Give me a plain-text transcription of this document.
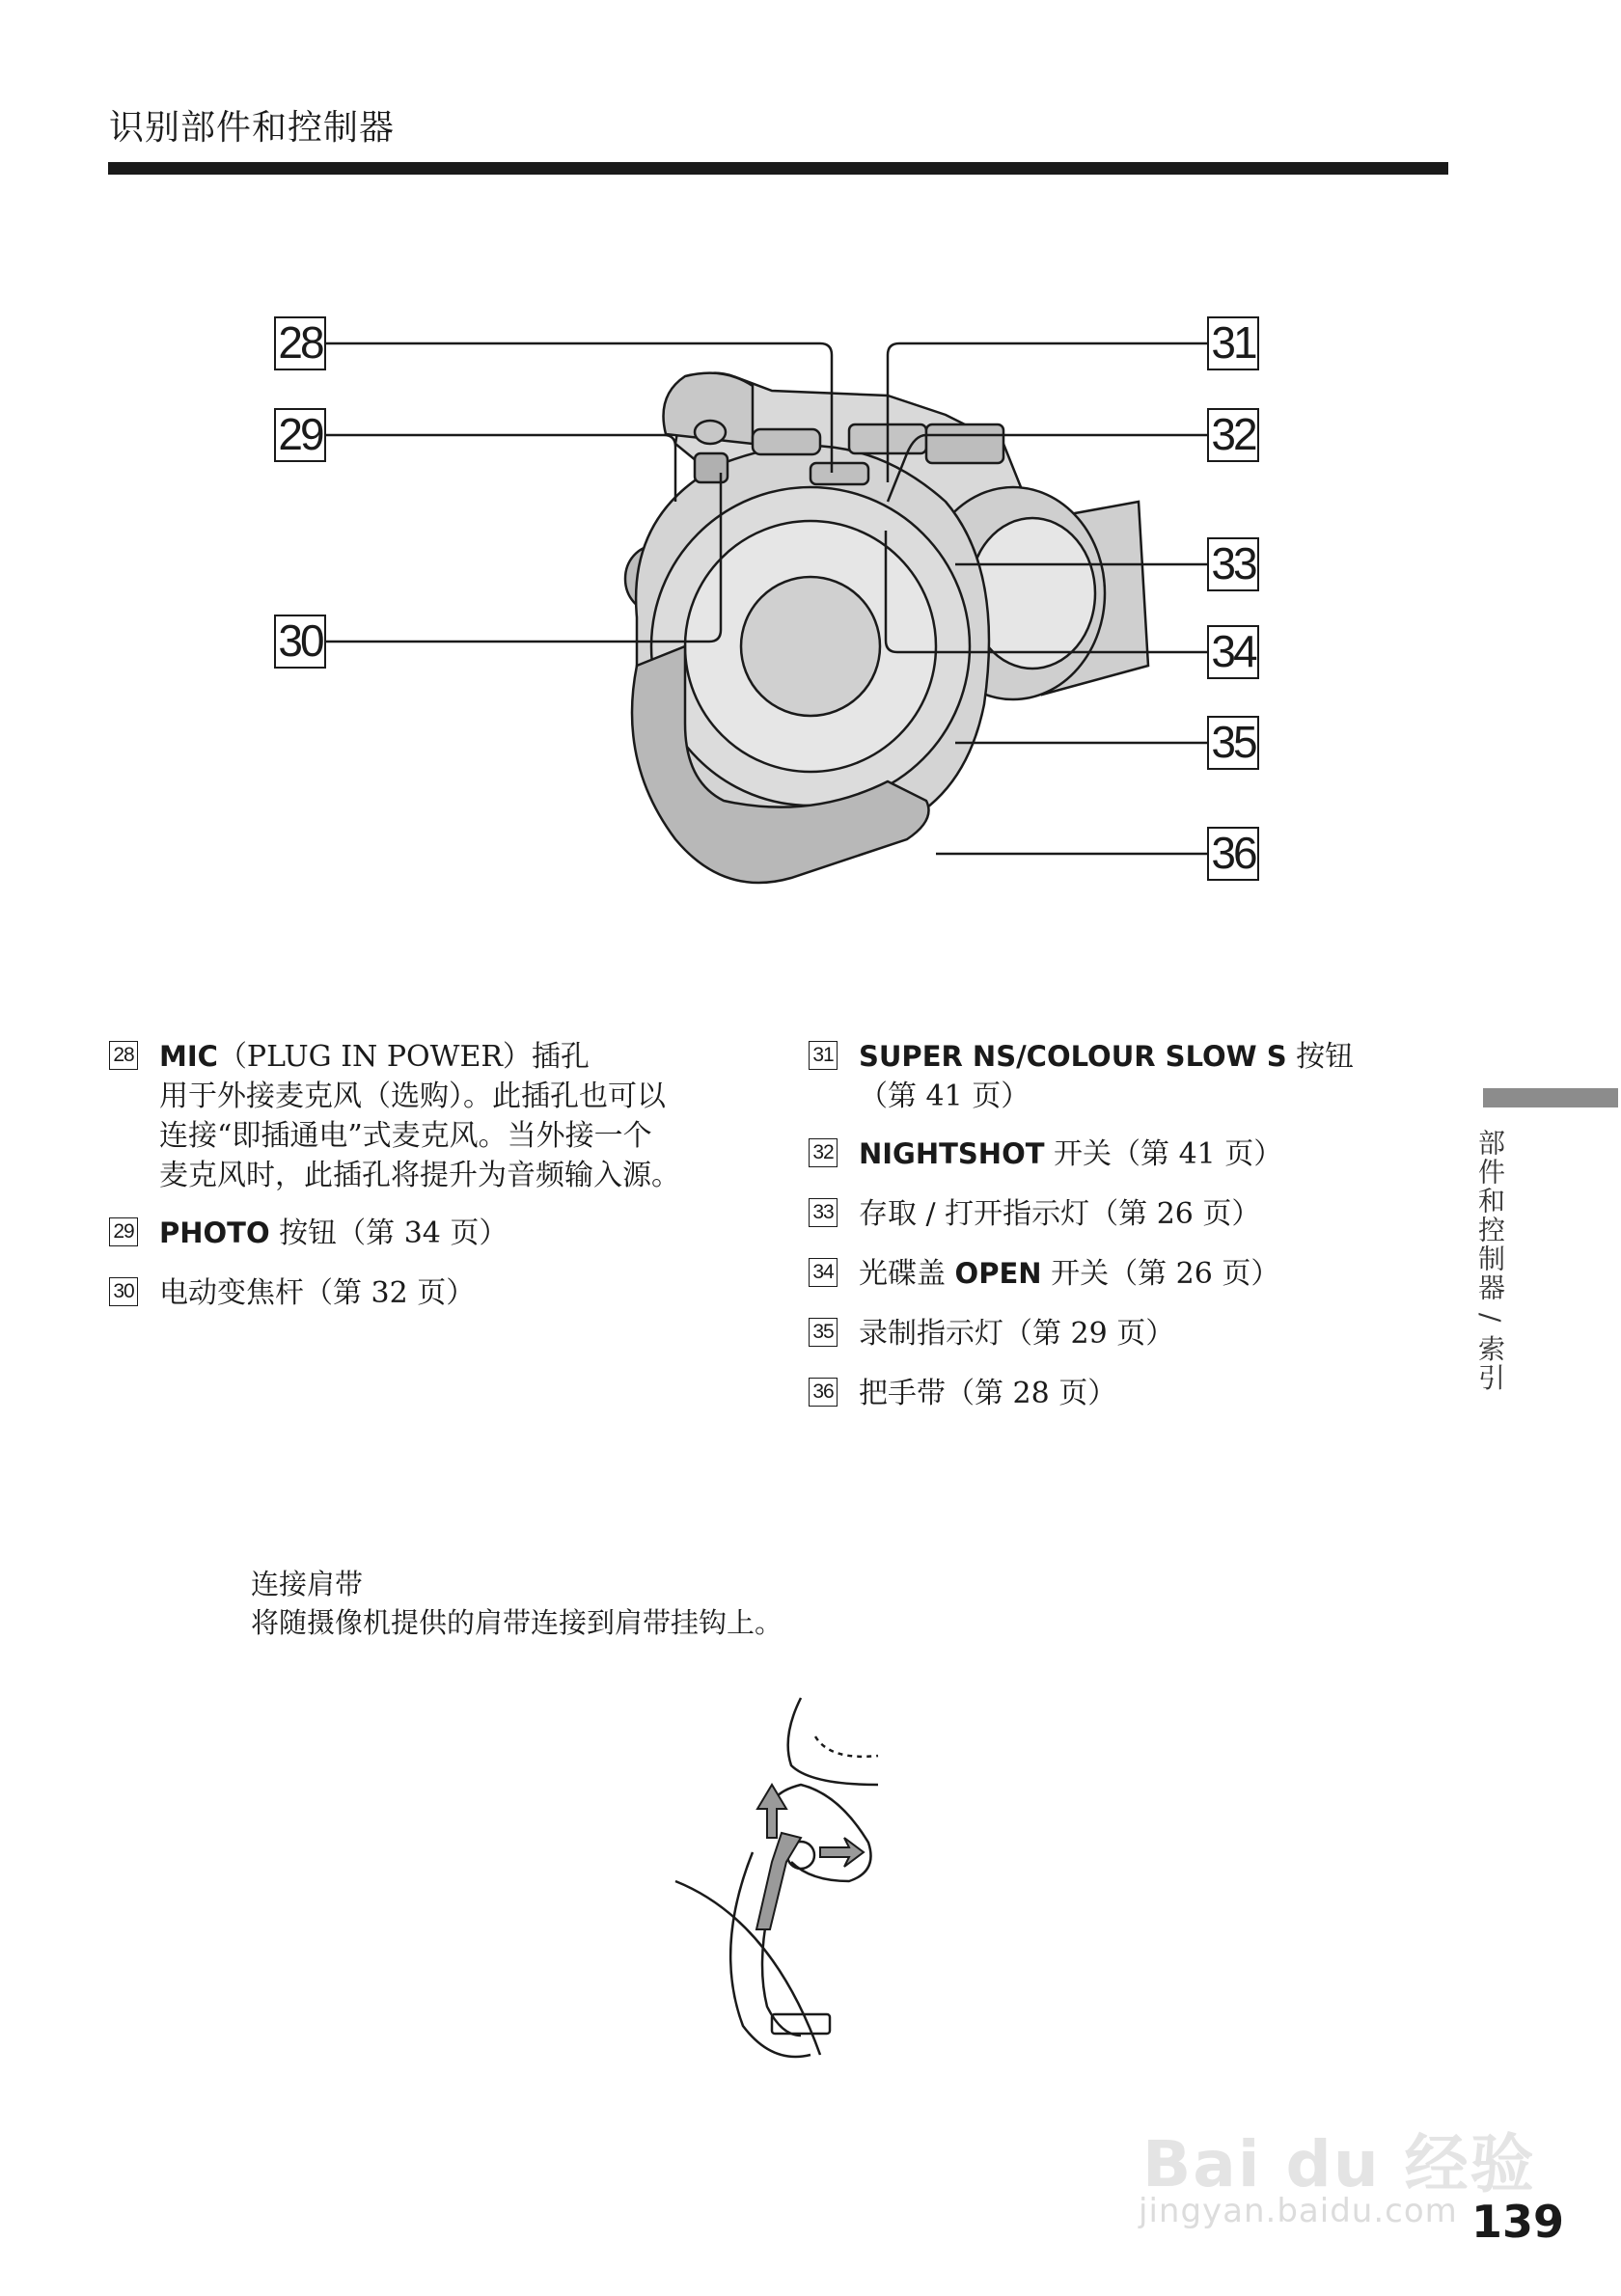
识别部件和控制器
28
29
30
31
32
33
34
35
36
28 MIC（PLUG IN POWER）插孔
用于外接麦克风（选购）。此插孔也可以
连接“即插通电”式麦克风。当外接一个
麦克风时，此插孔将提升为音频输入源。
29 PHOTO 按钮（第 34 页）
30 电动变焦杆（第 32 页）
31 SUPER NS/COLOUR SLOW S 按钮
（第 41 页）
32 NIGHTSHOT 开关（第 41 页）
33 存取 / 打开指示灯（第 26 页）
34 光碟盖 OPEN 开关（第 26 页）
35 录制指示灯（第 29 页）
36 把手带（第 28 页）
部件和控制器 / 索引
连接肩带
将随摄像机提供的肩带连接到肩带挂钩上。
Bai du 经验
jingyan.baidu.com 139
